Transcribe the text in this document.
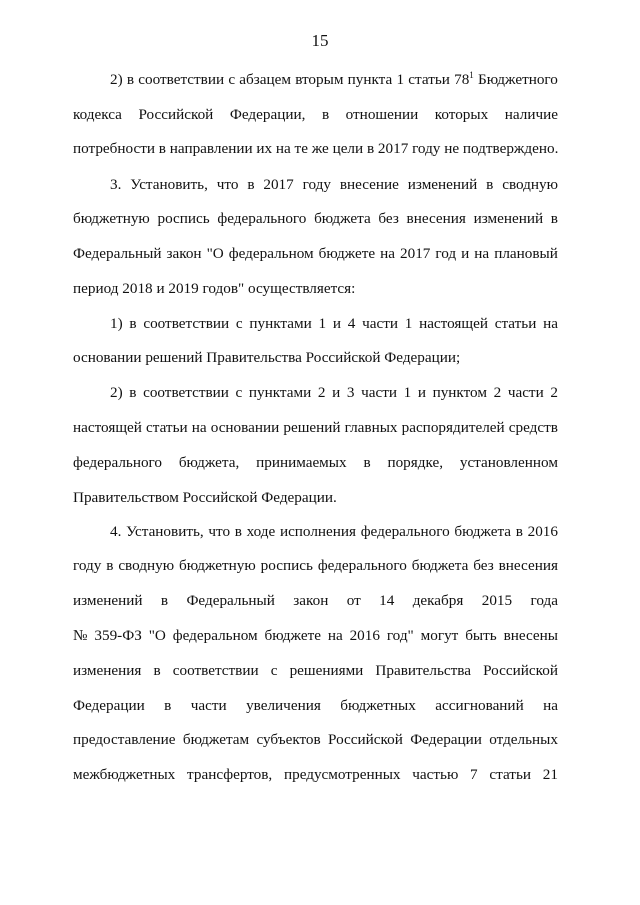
15
2) в соответствии с абзацем вторым пункта 1 статьи $78^1$ Бюджетного
кодекса Российской Федерации, в отношении которых наличие
потребности в направлении их на те же цели в 2017 году не подтверждено.
3. Установить, что в 2017 году внесение изменений в сводную
бюджетную роспись федерального бюджета без внесения изменений в
Федеральный закон "О федеральном бюджете на 2017 год и на плановый
период 2018 и 2019 годов" осуществляется:
1) в соответствии с пунктами 1 и 4 части 1 настоящей статьи на
основании решений Правительства Российской Федерации;
2) в соответствии с пунктами 2 и 3 части 1 и пунктом 2 части 2
настоящей статьи на основании решений главных распорядителей средств
федерального бюджета, принимаемых в порядке, установленном
Правительством Российской Федерации.
4. Установить, что в ходе исполнения федерального бюджета в 2016
году в сводную бюджетную роспись федерального бюджета без внесения
изменений в Федеральный закон от 14 декабря 2015 года
№ 359-ФЗ "О федеральном бюджете на 2016 год" могут быть внесены
изменения в соответствии с решениями Правительства Российской
Федерации в части увеличения бюджетных ассигнований на
предоставление бюджетам субъектов Российской Федерации отдельных
межбюджетных трансфертов, предусмотренных частью 7 статьи 21
